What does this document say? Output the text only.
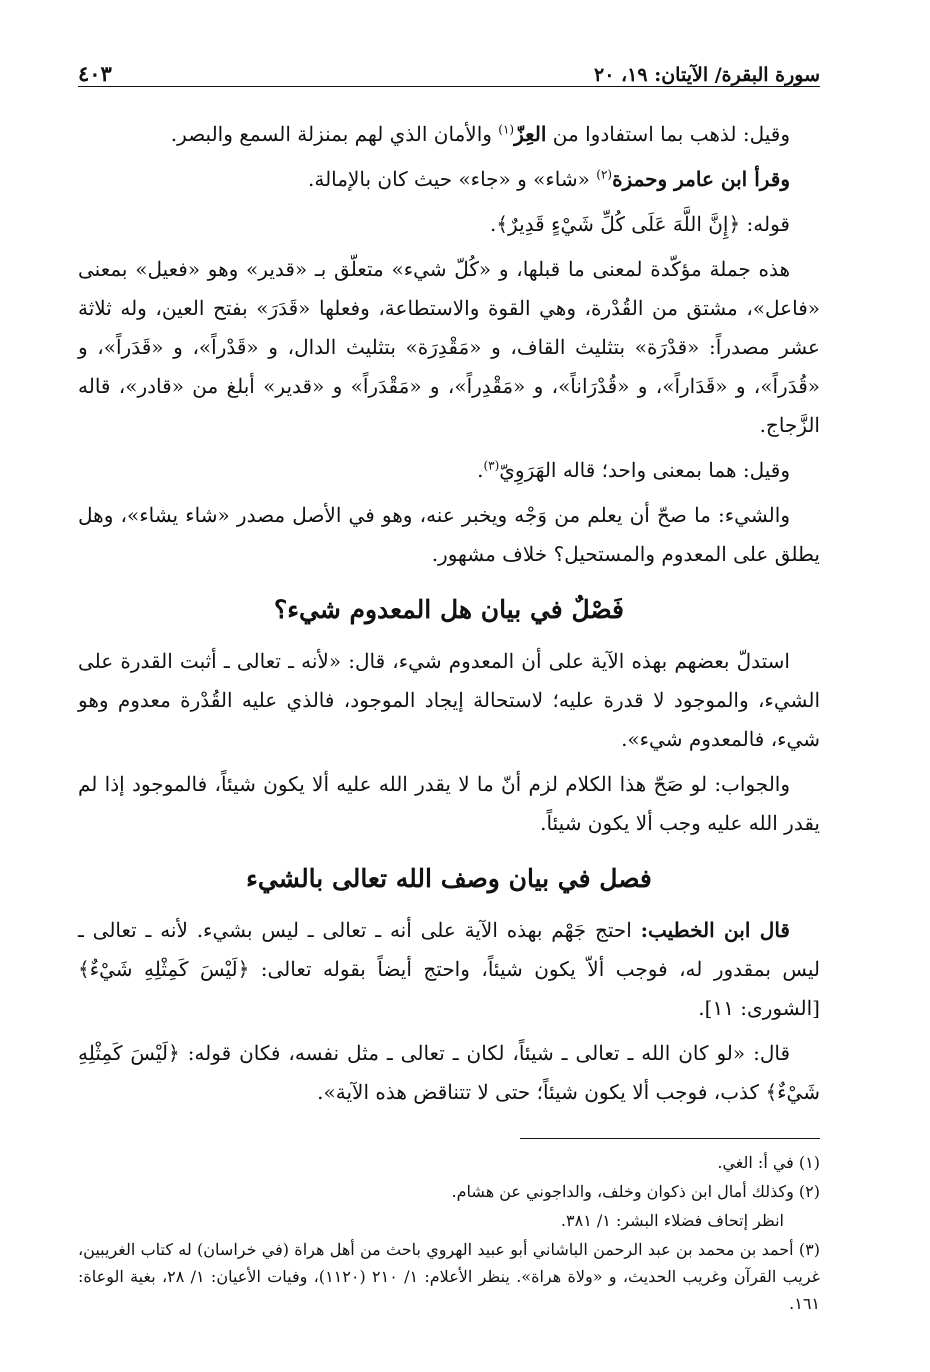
سورة البقرة/ الآيتان: ١٩، ٢٠
٤٠٣

وقيل: لذهب بما استفادوا من العِزّ$^{(١)}$ والأمان الذي لهم بمنزلة السمع والبصر.

وقرأ ابن عامر وحمزة$^{(٢)}$ «شاء» و «جاء» حيث كان بالإمالة.

قوله: ﴿إِنَّ اللَّهَ عَلَى كُلِّ شَيْءٍ قَدِيرٌ﴾.

هذه جملة مؤكّدة لمعنى ما قبلها، و «كُلّ شيء» متعلّق بـ «قدير» وهو «فعيل» بمعنى «فاعل»، مشتق من القُدْرة، وهي القوة والاستطاعة، وفعلها «قَدَرَ» بفتح العين، وله ثلاثة عشر مصدراً: «قدْرَة» بتثليث القاف، و «مَقْدِرَة» بتثليث الدال، و «قَدْراً»، و «قَدَراً»، و «قُدَراً»، و «قَدَاراً»، و «قُدْرَاناً»، و «مَقْدِراً»، و «مَقْدَراً» و «قدير» أبلغ من «قادر»، قاله الزَّجاج.

وقيل: هما بمعنى واحد؛ قاله الهَرَوِيّ$^{(٣)}$.

والشيء: ما صحّ أن يعلم من وَجْه ويخبر عنه، وهو في الأصل مصدر «شاء يشاء»، وهل يطلق على المعدوم والمستحيل؟ خلاف مشهور.

فَصْلٌ في بيان هل المعدوم شيء؟

استدلّ بعضهم بهذه الآية على أن المعدوم شيء، قال: «لأنه ـ تعالى ـ أثبت القدرة على الشيء، والموجود لا قدرة عليه؛ لاستحالة إيجاد الموجود، فالذي عليه القُدْرة معدوم وهو شيء، فالمعدوم شيء».

والجواب: لو صَحّ هذا الكلام لزم أنّ ما لا يقدر الله عليه ألا يكون شيئاً، فالموجود إذا لم يقدر الله عليه وجب ألا يكون شيئاً.

فصل في بيان وصف الله تعالى بالشيء

قال ابن الخطيب: احتج جَهْم بهذه الآية على أنه ـ تعالى ـ ليس بشيء. لأنه ـ تعالى ـ ليس بمقدور له، فوجب ألاّ يكون شيئاً، واحتج أيضاً بقوله تعالى: ﴿لَيْسَ كَمِثْلِهِ شَيْءٌ﴾ [الشورى: ١١].

قال: «لو كان الله ـ تعالى ـ شيئاً، لكان ـ تعالى ـ مثل نفسه، فكان قوله: ﴿لَيْسَ كَمِثْلِهِ شَيْءٌ﴾ كذب، فوجب ألا يكون شيئاً؛ حتى لا تتناقض هذه الآية».

(١) في أ: الغي.
(٢) وكذلك أمال ابن ذكوان وخلف، والداجوني عن هشام.
انظر إتحاف فضلاء البشر: ١/ ٣٨١.
(٣) أحمد بن محمد بن عبد الرحمن الباشاني أبو عبيد الهروي باحث من أهل هراة (في خراسان) له كتاب الغريبين، غريب القرآن وغريب الحديث، و «ولاة هراة». ينظر الأعلام: ١/ ٢١٠ (١١٢٠)، وفيات الأعيان: ١/ ٢٨، بغية الوعاة: ١٦١.
